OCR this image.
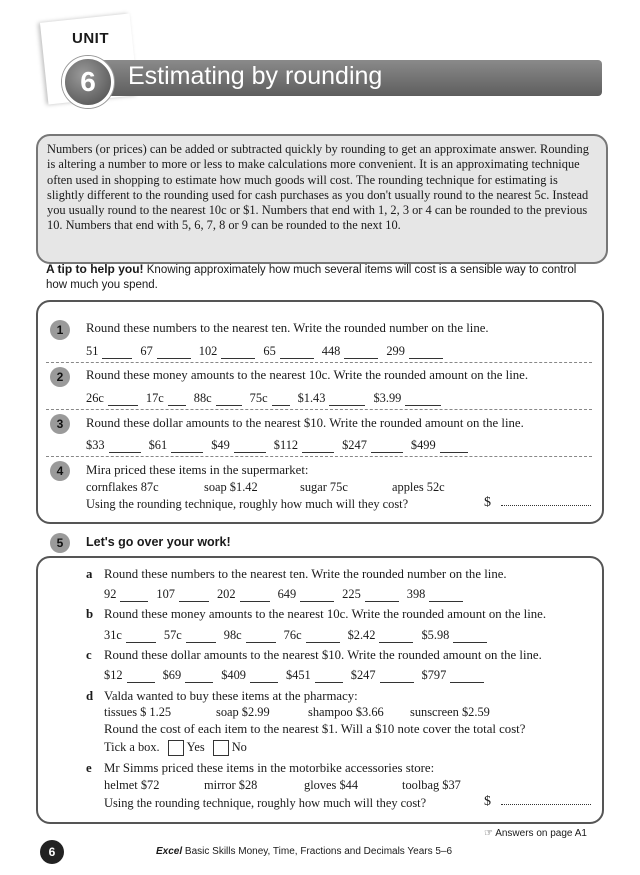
UNIT
6	Estimating by rounding
Numbers (or prices) can be added or subtracted quickly by rounding to get an approximate answer. Rounding is altering a number to more or less to make calculations more convenient. It is an approximating technique often used in shopping to estimate how much goods will cost. The rounding technique for estimating is slightly different to the rounding used for cash purchases as you don't usually round to the nearest 5c. Instead you usually round to the nearest 10c or $1. Numbers that end with 1, 2, 3 or 4 can be rounded to the previous 10. Numbers that end with 5, 6, 7, 8 or 9 can be rounded to the next 10.
A tip to help you! Knowing approximately how much several items will cost is a sensible way to control how much you spend.
1	Round these numbers to the nearest ten. Write the rounded number on the line.
51	67	102	65	448	299
2	Round these money amounts to the nearest 10c. Write the rounded amount on the line.
26c	17c 88c	75c $1.43	$3.99
3	Round these dollar amounts to the nearest $10. Write the rounded amount on the line.
$33	$61	$49	$112	$247	$499
4	Mira priced these items in the supermarket:
cornflakes 87c	soap $1.42	sugar 75c	apples 52c
Using the rounding technique, roughly how much will they cost?	$
5	Let's go over your work!
a Round these numbers to the nearest ten. Write the rounded number on the line.
92	107	202	649	225	398
b Round these money amounts to the nearest 10c. Write the rounded amount on the line.
31c	57c	98c	76c	$2.42	$5.98
c Round these dollar amounts to the nearest $10. Write the rounded amount on the line.
$12	$69	$409	$451	$247	$797
d Valda wanted to buy these items at the pharmacy:
tissues $ 1.25	soap $2.99	shampoo $3.66 sunscreen $2.59
Round the cost of each item to the nearest $1. Will a $10 note cover the total cost?
Tick a box. Yes No
e Mr Simms priced these items in the motorbike accessories store:
helmet $72	mirror $28	gloves $44	toolbag $37
Using the rounding technique, roughly how much will they cost?	$
☞ Answers on page A1
6	Excel Basic Skills Money, Time, Fractions and Decimals Years 5–6
